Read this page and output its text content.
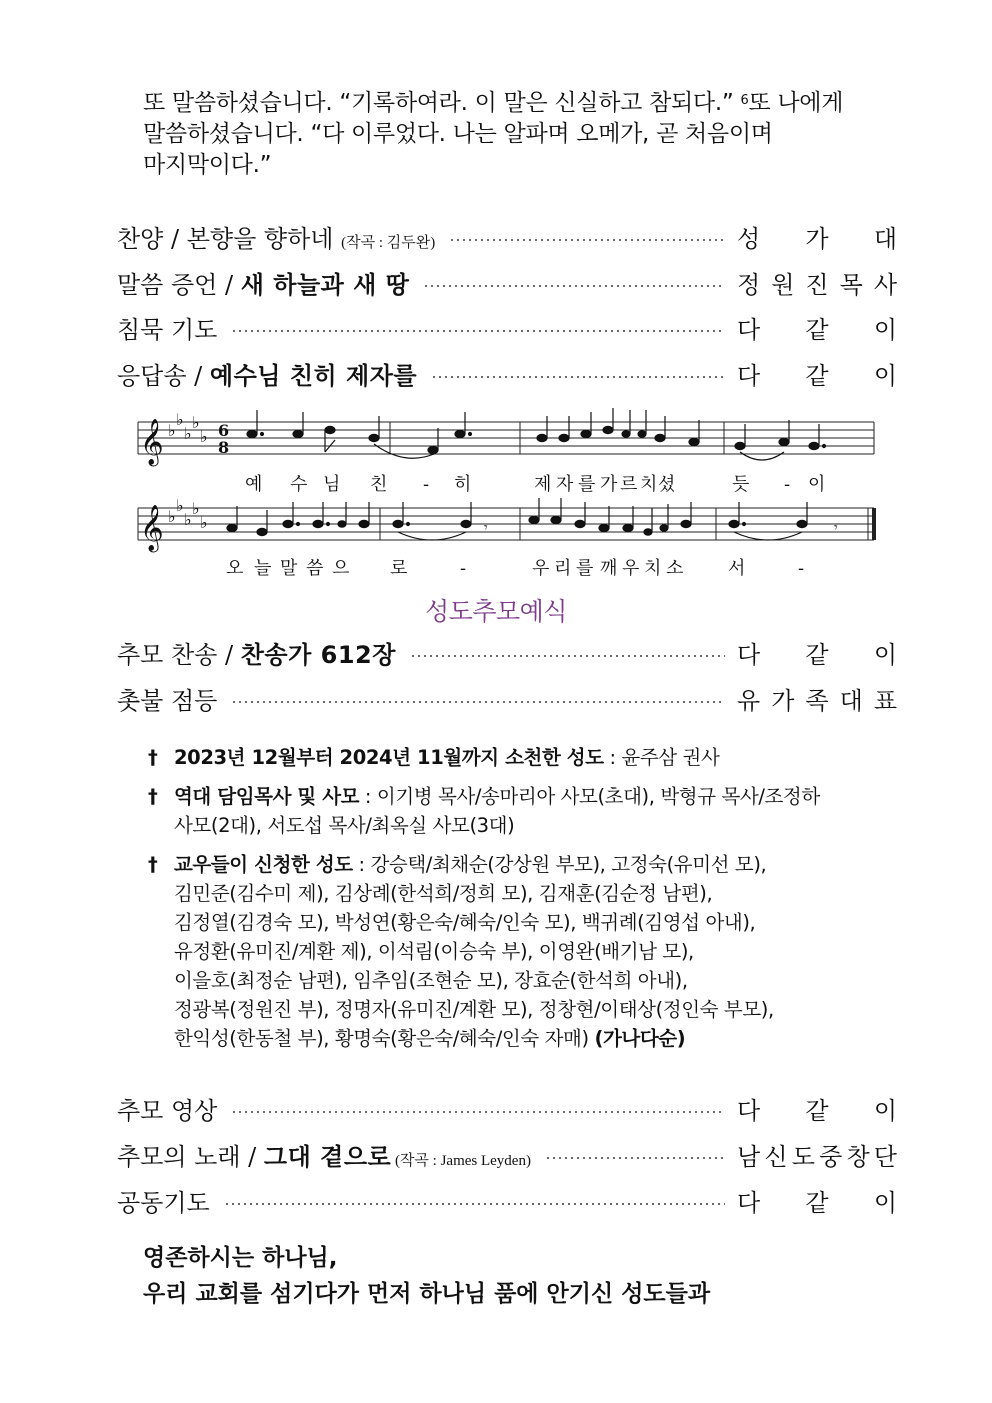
또 말씀하셨습니다. “기록하여라. 이 말은 신실하고 참되다.” $^6$또 나에게

말씀하셨습니다. “다 이루었다. 나는 알파며 오메가, 곧 처음이며

마지막이다.”

찬양 / 본향을 향하네 (작곡 : 김두완)	성 가 대
말씀 증언 / 새 하늘과 새 땅	정 원 진 목 사
침묵 기도	다 같 이
응답송 / 예수님 친히 제자를	다 같 이
𝄞 ♭
♭
♭
♭
♭ 6
8
예 수 님 친 - 히	제 자 를 가 르 치 셨	듯 - 이
𝄞 ♭
♭
♭
♭
♭	𝄾	𝄾
오 늘 말 씀 으 로	-	우 리 를 깨 우 치 소 서	-
성도추모예식
추모 찬송 / 찬송가 612장	다 같 이
촛불 점등	유 가 족 대 표
† 2023년 12월부터 2024년 11월까지 소천한 성도 : 윤주삼 권사
† 역대 담임목사 및 사모 : 이기병 목사/송마리아 사모(초대), 박형규 목사/조정하
사모(2대), 서도섭 목사/최옥실 사모(3대)
† 교우들이 신청한 성도 : 강승택/최채순(강상원 부모), 고정숙(유미선 모),
김민준(김수미 제), 김상례(한석희/정희 모), 김재훈(김순정 남편),
김정열(김경숙 모), 박성연(황은숙/혜숙/인숙 모), 백귀례(김영섭 아내),
유정환(유미진/계환 제), 이석림(이승숙 부), 이영완(배기남 모),
이을호(최정순 남편), 임추임(조현순 모), 장효순(한석희 아내),
정광복(정원진 부), 정명자(유미진/계환 모), 정창현/이태상(정인숙 부모),
한익성(한동철 부), 황명숙(황은숙/혜숙/인숙 자매) (가나다순)
추모 영상	다 같 이
추모의 노래 / 그대 곁으로 (작곡 : James Leyden)	남 신 도 중 창 단
공동기도	다 같 이

영존하시는 하나님,

우리 교회를 섬기다가 먼저 하나님 품에 안기신 성도들과
